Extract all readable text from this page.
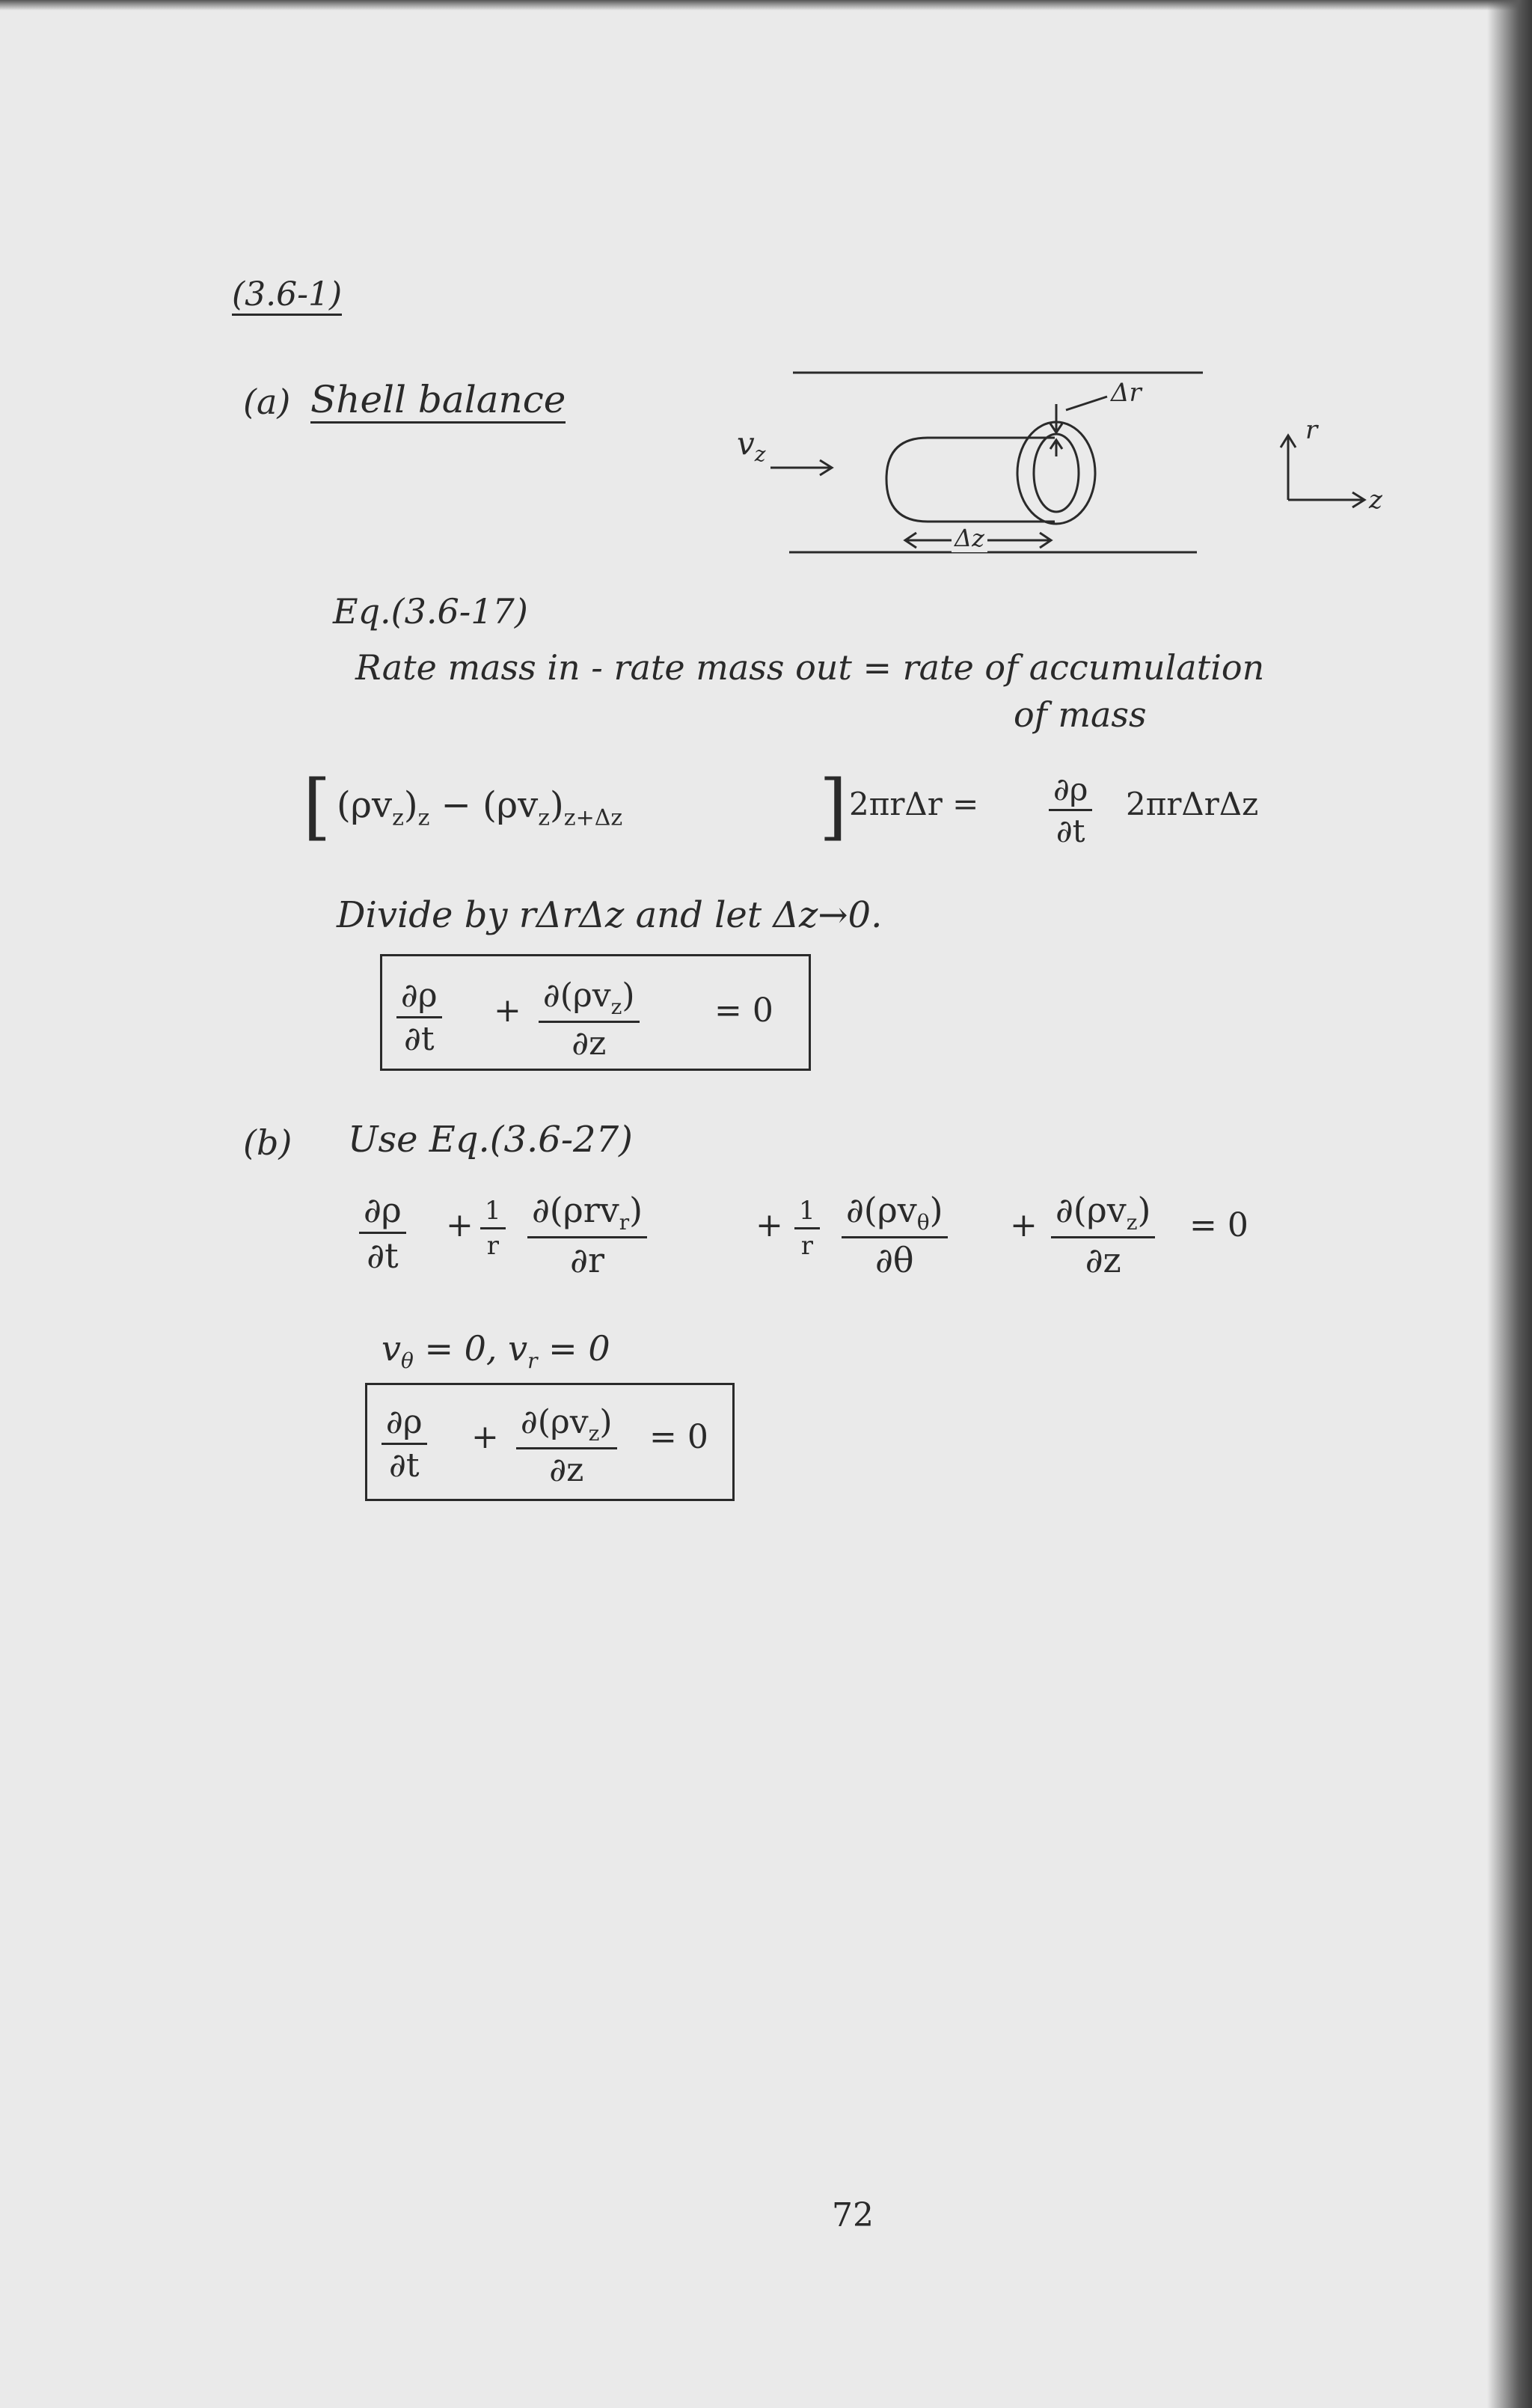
(3.6-1)
(a) Shell balance
$v_z$
Δr
Δz
r
z
Eq.(3.6-17)
Rate mass in - rate mass out = rate of accumulation
of mass
[ $(\rho v_z)_z - (\rho v_z)_{z+\Delta z}$	] $2\pi r\Delta r = \frac{\partial\rho}{\partial t} 2\pi r\Delta r\Delta z$
Divide by rΔrΔz and let Δz→0.
$\frac{\partial\rho}{\partial t} + \partial(\rho v_z)$
∂z
= 0
(b) Use Eq.(3.6-27)
$\frac{\partial\rho}{\partial t} + \frac{1}{r} \partial(\rho rv_r)$
∂r
+ $\frac{1}{r} \partial(\rho v_\theta)$
∂θ
+ $\partial(\rho v_z)$
∂z
= 0
$v_\theta = 0$, $v_r = 0$
$\frac{\partial\rho}{\partial t} + \partial(\rho v_z)$
∂z
= 0
72
